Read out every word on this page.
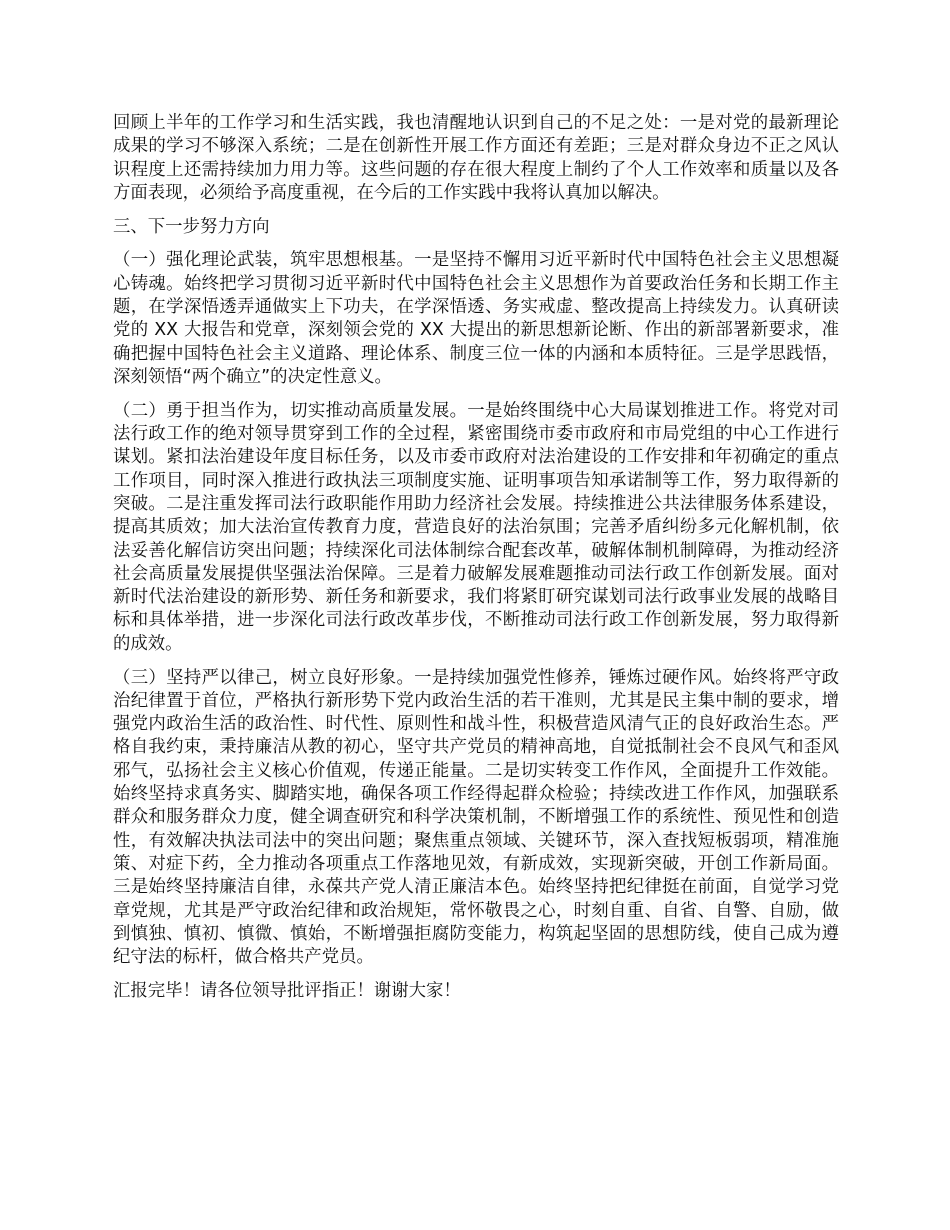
回顾上半年的工作学习和生活实践，我也清醒地认识到自己的不足之处：一是对党的最新理论成果的学习不够深入系统；二是在创新性开展工作方面还有差距；三是对群众身边不正之风认识程度上还需持续加力用力等。这些问题的存在很大程度上制约了个人工作效率和质量以及各方面表现，必须给予高度重视，在今后的工作实践中我将认真加以解决。

三、下一步努力方向

（一）强化理论武装，筑牢思想根基。一是坚持不懈用习近平新时代中国特色社会主义思想凝心铸魂。始终把学习贯彻习近平新时代中国特色社会主义思想作为首要政治任务和长期工作主题，在学深悟透弄通做实上下功夫，在学深悟透、务实戒虚、整改提高上持续发力。认真研读党的 XX 大报告和党章，深刻领会党的 XX 大提出的新思想新论断、作出的新部署新要求，准确把握中国特色社会主义道路、理论体系、制度三位一体的内涵和本质特征。三是学思践悟，深刻领悟“两个确立”的决定性意义。

（二）勇于担当作为，切实推动高质量发展。一是始终围绕中心大局谋划推进工作。将党对司法行政工作的绝对领导贯穿到工作的全过程，紧密围绕市委市政府和市局党组的中心工作进行谋划。紧扣法治建设年度目标任务，以及市委市政府对法治建设的工作安排和年初确定的重点工作项目，同时深入推进行政执法三项制度实施、证明事项告知承诺制等工作，努力取得新的突破。二是注重发挥司法行政职能作用助力经济社会发展。持续推进公共法律服务体系建设，提高其质效；加大法治宣传教育力度，营造良好的法治氛围；完善矛盾纠纷多元化解机制，依法妥善化解信访突出问题；持续深化司法体制综合配套改革，破解体制机制障碍，为推动经济社会高质量发展提供坚强法治保障。三是着力破解发展难题推动司法行政工作创新发展。面对新时代法治建设的新形势、新任务和新要求，我们将紧盯研究谋划司法行政事业发展的战略目标和具体举措，进一步深化司法行政改革步伐，不断推动司法行政工作创新发展，努力取得新的成效。

（三）坚持严以律己，树立良好形象。一是持续加强党性修养，锤炼过硬作风。始终将严守政治纪律置于首位，严格执行新形势下党内政治生活的若干准则，尤其是民主集中制的要求，增强党内政治生活的政治性、时代性、原则性和战斗性，积极营造风清气正的良好政治生态。严格自我约束，秉持廉洁从教的初心，坚守共产党员的精神高地，自觉抵制社会不良风气和歪风邪气，弘扬社会主义核心价值观，传递正能量。二是切实转变工作作风，全面提升工作效能。始终坚持求真务实、脚踏实地，确保各项工作经得起群众检验；持续改进工作作风，加强联系群众和服务群众力度，健全调查研究和科学决策机制，不断增强工作的系统性、预见性和创造性，有效解决执法司法中的突出问题；聚焦重点领域、关键环节，深入查找短板弱项，精准施策、对症下药，全力推动各项重点工作落地见效，有新成效，实现新突破，开创工作新局面。三是始终坚持廉洁自律，永葆共产党人清正廉洁本色。始终坚持把纪律挺在前面，自觉学习党章党规，尤其是严守政治纪律和政治规矩，常怀敬畏之心，时刻自重、自省、自警、自励，做到慎独、慎初、慎微、慎始，不断增强拒腐防变能力，构筑起坚固的思想防线，使自己成为遵纪守法的标杆，做合格共产党员。

汇报完毕！请各位领导批评指正！谢谢大家！
